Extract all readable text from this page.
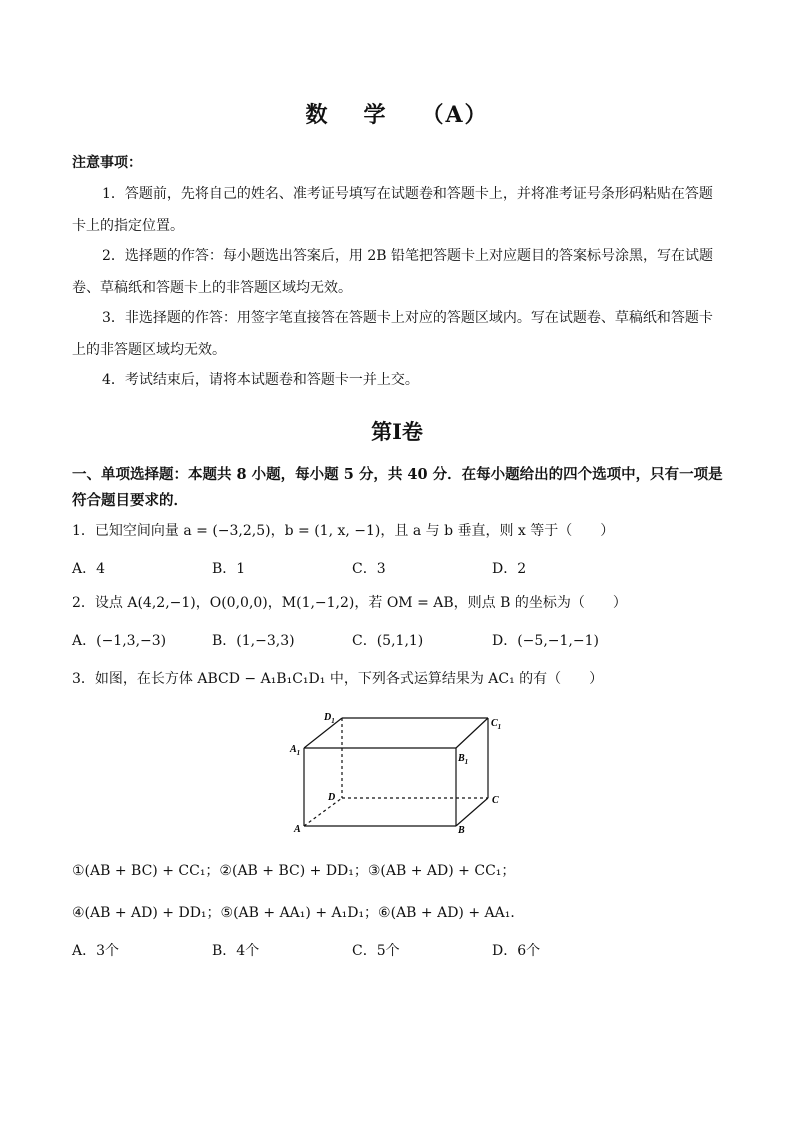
数 学 （A）
注意事项：
1．答题前，先将自己的姓名、准考证号填写在试题卷和答题卡上，并将准考证号条形码粘贴在答题卡上的指定位置。
2．选择题的作答：每小题选出答案后，用 2B 铅笔把答题卡上对应题目的答案标号涂黑，写在试题卷、草稿纸和答题卡上的非答题区域均无效。
3．非选择题的作答：用签字笔直接答在答题卡上对应的答题区域内。写在试题卷、草稿纸和答题卡上的非答题区域均无效。
4．考试结束后，请将本试题卷和答题卡一并上交。
第Ⅰ卷
一、单项选择题：本题共 8 小题，每小题 5 分，共 40 分．在每小题给出的四个选项中，只有一项是符合题目要求的．
1．已知空间向量 a = (−3,2,5)，b = (1, x, −1)，且 a 与 b 垂直，则 x 等于（　　）
A．4	B．1	C．3	D．2
2．设点 A(4,2,−1)，O(0,0,0)，M(1,−1,2)，若 OM = AB，则点 B 的坐标为（　　）
A．(−1,3,−3)	B．(1,−3,3)	C．(5,1,1)	D．(−5,−1,−1)
3．如图，在长方体 ABCD − A₁B₁C₁D₁ 中，下列各式运算结果为 AC₁ 的有（　　）
$D_1$	$C_1$
$A_1$	$B_1$
D	C
A	B
①(AB + BC) + CC₁；②(AB + BC) + DD₁；③(AB + AD) + CC₁；
④(AB + AD) + DD₁；⑤(AB + AA₁) + A₁D₁；⑥(AB + AD) + AA₁．
A．3个	B．4个	C．5个	D．6个
